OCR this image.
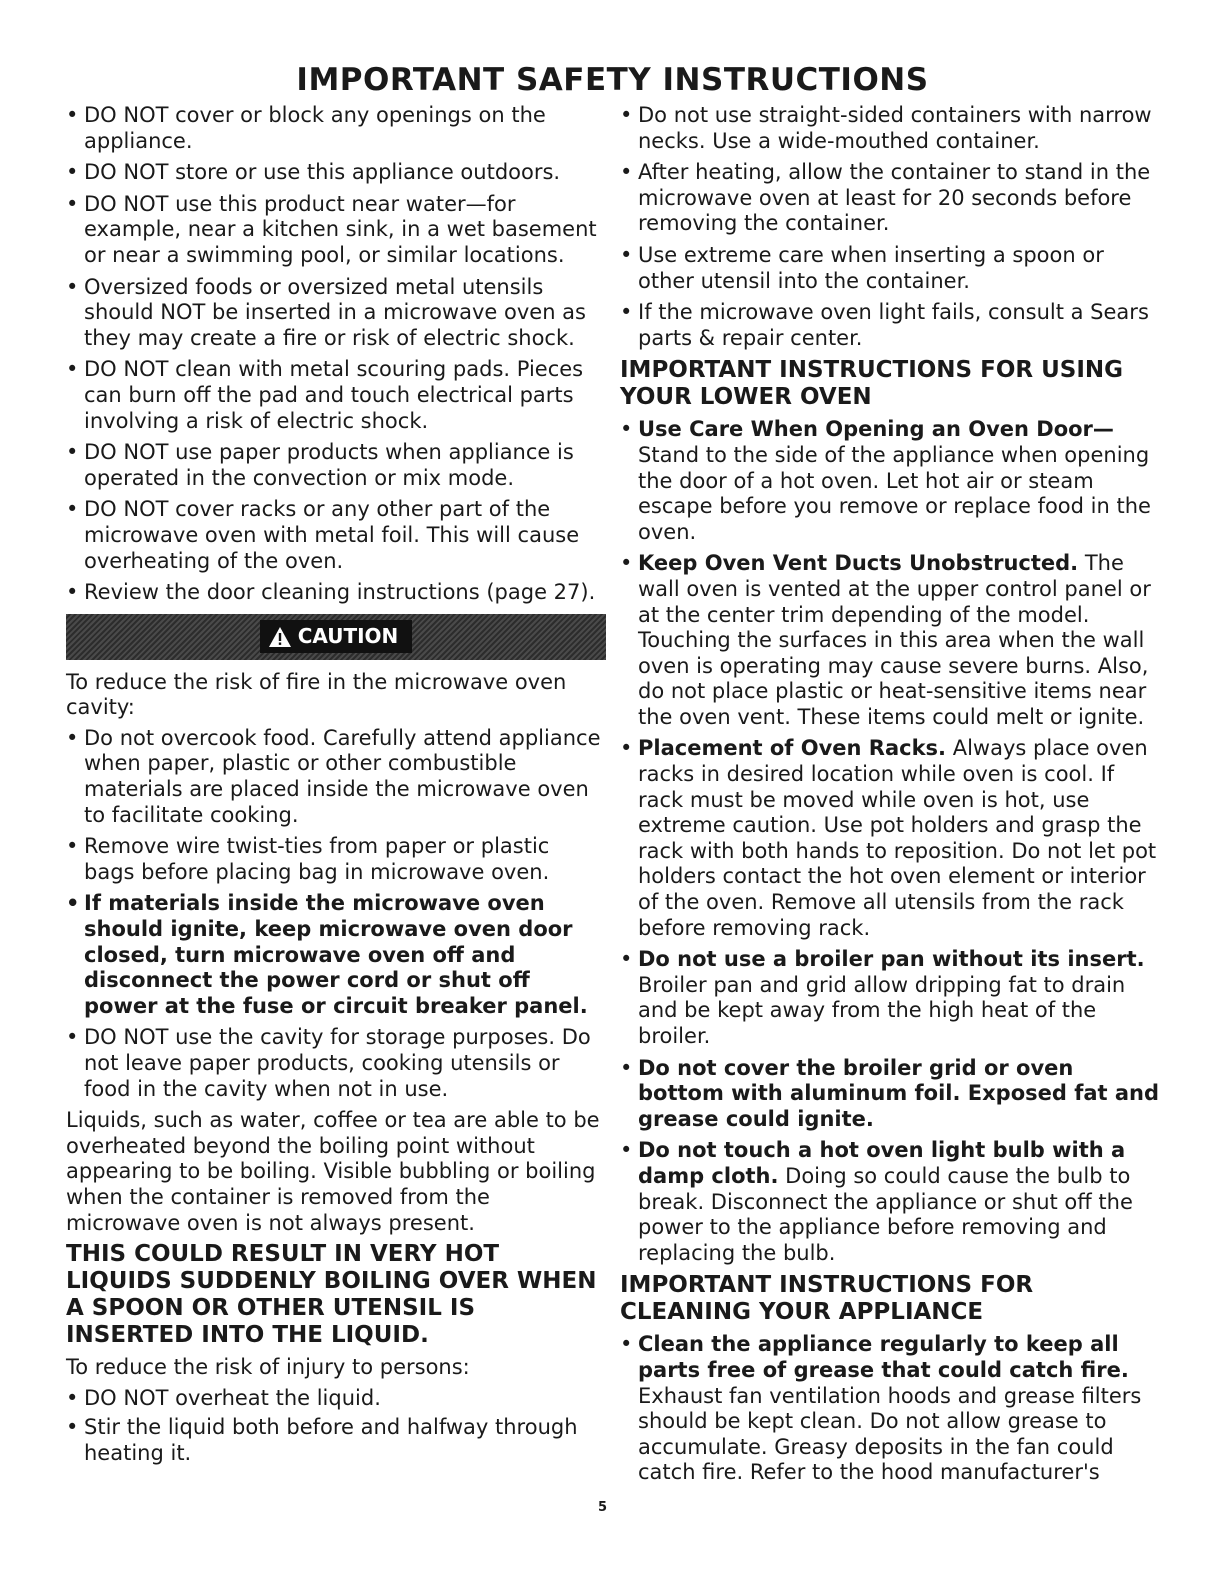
IMPORTANT SAFETY INSTRUCTIONS
• DO NOT cover or block any openings on the appliance.
• DO NOT store or use this appliance outdoors.
• DO NOT use this product near water—for example, near a kitchen sink, in a wet basement or near a swimming pool, or similar locations.
• Oversized foods or oversized metal utensils should NOT be inserted in a microwave oven as they may create a fire or risk of electric shock.
• DO NOT clean with metal scouring pads. Pieces can burn off the pad and touch electrical parts involving a risk of electric shock.
• DO NOT use paper products when appliance is operated in the convection or mix mode.
• DO NOT cover racks or any other part of the microwave oven with metal foil. This will cause overheating of the oven.
• Review the door cleaning instructions (page 27).
CAUTION

To reduce the risk of fire in the microwave oven cavity:

• Do not overcook food. Carefully attend appliance when paper, plastic or other combustible materials are placed inside the microwave oven to facilitate cooking.
• Remove wire twist-ties from paper or plastic bags before placing bag in microwave oven.
• If materials inside the microwave oven should ignite, keep microwave oven door closed, turn microwave oven off and disconnect the power cord or shut off power at the fuse or circuit breaker panel.
• DO NOT use the cavity for storage purposes. Do not leave paper products, cooking utensils or food in the cavity when not in use.

Liquids, such as water, coffee or tea are able to be overheated beyond the boiling point without appearing to be boiling. Visible bubbling or boiling when the container is removed from the microwave oven is not always present.

THIS COULD RESULT IN VERY HOT LIQUIDS SUDDENLY BOILING OVER WHEN A SPOON OR OTHER UTENSIL IS INSERTED INTO THE LIQUID.

To reduce the risk of injury to persons:

• DO NOT overheat the liquid.
• Stir the liquid both before and halfway through heating it.
• Do not use straight-sided containers with narrow necks. Use a wide-mouthed container.
• After heating, allow the container to stand in the microwave oven at least for 20 seconds before removing the container.
• Use extreme care when inserting a spoon or other utensil into the container.
• If the microwave oven light fails, consult a Sears parts & repair center.
IMPORTANT INSTRUCTIONS FOR USING YOUR LOWER OVEN
• Use Care When Opening an Oven Door— Stand to the side of the appliance when opening the door of a hot oven. Let hot air or steam escape before you remove or replace food in the oven.
• Keep Oven Vent Ducts Unobstructed. The wall oven is vented at the upper control panel or at the center trim depending of the model. Touching the surfaces in this area when the wall oven is operating may cause severe burns. Also, do not place plastic or heat-sensitive items near the oven vent. These items could melt or ignite.
• Placement of Oven Racks. Always place oven racks in desired location while oven is cool. If rack must be moved while oven is hot, use extreme caution. Use pot holders and grasp the rack with both hands to reposition. Do not let pot holders contact the hot oven element or interior of the oven. Remove all utensils from the rack before removing rack.
• Do not use a broiler pan without its insert. Broiler pan and grid allow dripping fat to drain and be kept away from the high heat of the broiler.
• Do not cover the broiler grid or oven bottom with aluminum foil. Exposed fat and grease could ignite.
• Do not touch a hot oven light bulb with a damp cloth. Doing so could cause the bulb to break. Disconnect the appliance or shut off the power to the appliance before removing and replacing the bulb.
IMPORTANT INSTRUCTIONS FOR CLEANING YOUR APPLIANCE
• Clean the appliance regularly to keep all parts free of grease that could catch fire. Exhaust fan ventilation hoods and grease filters should be kept clean. Do not allow grease to accumulate. Greasy deposits in the fan could catch fire. Refer to the hood manufacturer's
5
